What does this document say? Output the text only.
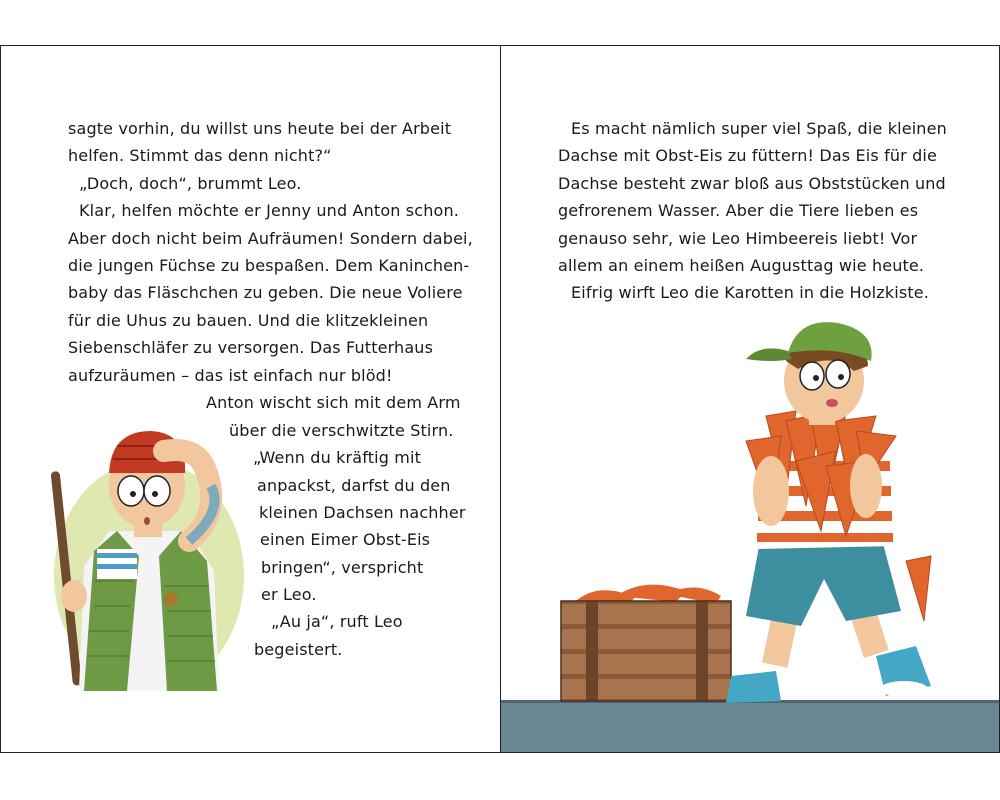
sagte vorhin, du willst uns heute bei der Arbeit
helfen. Stimmt das denn nicht?“
„Doch, doch“, brummt Leo.
Klar, helfen möchte er Jenny und Anton schon.
Aber doch nicht beim Aufräumen! Sondern dabei,
die jungen Füchse zu bespaßen. Dem Kaninchen-
baby das Fläschchen zu geben. Die neue Voliere
für die Uhus zu bauen. Und die klitzekleinen
Siebenschläfer zu versorgen. Das Futterhaus
aufzuräumen – das ist einfach nur blöd!
Anton wischt sich mit dem Arm
über die verschwitzte Stirn.
„Wenn du kräftig mit
anpackst, darfst du den
kleinen Dachsen nachher
einen Eimer Obst-Eis
bringen“, verspricht
er Leo.
„Au ja“, ruft Leo
begeistert.
Es macht nämlich super viel Spaß, die kleinen
Dachse mit Obst-Eis zu füttern! Das Eis für die
Dachse besteht zwar bloß aus Obststücken und
gefrorenem Wasser. Aber die Tiere lieben es
genauso sehr, wie Leo Himbeereis liebt! Vor
allem an einem heißen Augusttag wie heute.
Eifrig wirft Leo die Karotten in die Holzkiste.
